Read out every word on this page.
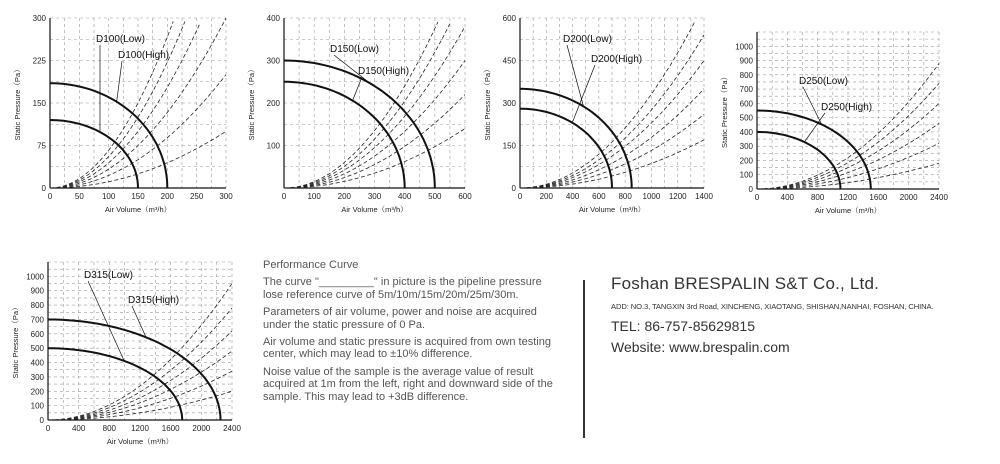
0	50 100 150 200 250 300
0
75
150
225
300
Air Volume（m³/h）
Static Pressure（Pa）
D100(Low)
D100(High)
0	100 200 300 400 500 600
100
200
300
400
Air Volume（m³/h）
Static Pressure（Pa）
D150(Low)
D150(High)
0 200 400 600 800 1000 1200 1400
0
150
300
450
600
Air Volume（m³/h）
Static Pressure（Pa）
D200(Low)
D200(High)
0	400 800 1200 1600 2000 2400
0
100
200
300
400
500
600
700
800
900
1000
Air Volume（m³/h）
Static Pressure（Pa）	D250(Low)
D250(High)
0	400 800 1200 1600 2000 2400
0
100
200
300
400
500
600
700
800
900
1000
Air Volume（m³/h）
Static Pressure（Pa）
D315(Low)
D315(High)
Performance Curve

The curve "_________" in picture is the pipeline pressure lose reference curve of 5m/10m/15m/20m/25m/30m.

Parameters of air volume, power and noise are acquired under the static pressure of 0 Pa.

Air volume and static pressure is acquired from own testing center, which may lead to ±10% difference.

Noise value of the sample is the average value of result acquired at 1m from the left, right and downward side of the sample. This may lead to +3dB difference.

Foshan BRESPALIN S&T Co., Ltd.
ADD: NO.3, TANGXIN 3rd Road, XINCHENG, XIAOTANG, SHISHAN,NANHAI, FOSHAN, CHINA.
TEL: 86-757-85629815
Website: www.brespalin.com
